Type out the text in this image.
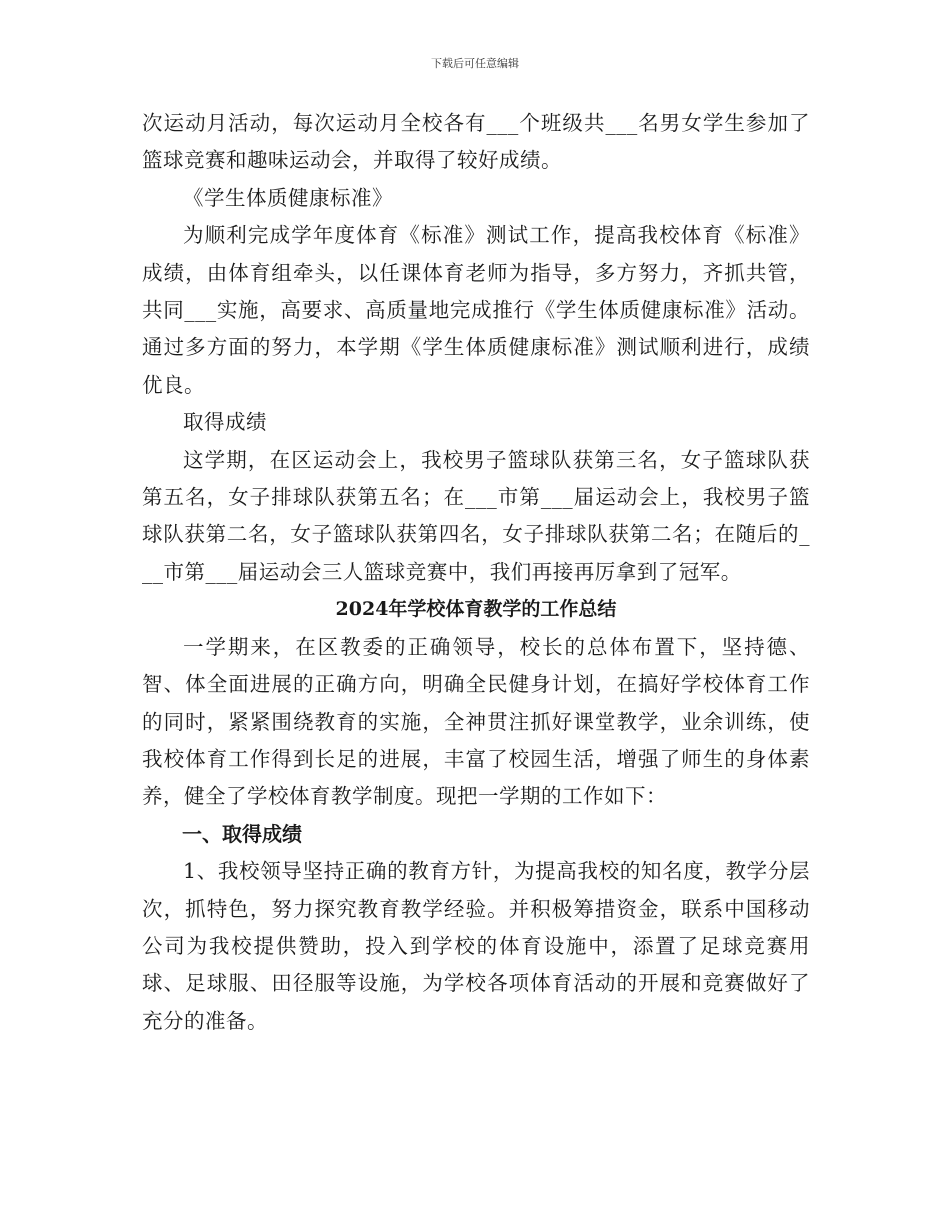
下载后可任意编辑

次运动月活动，每次运动月全校各有___个班级共___名男女学生参加了篮球竞赛和趣味运动会，并取得了较好成绩。

《学生体质健康标准》

为顺利完成学年度体育《标准》测试工作，提高我校体育《标准》成绩，由体育组牵头，以任课体育老师为指导，多方努力，齐抓共管，共同___实施，高要求、高质量地完成推行《学生体质健康标准》活动。通过多方面的努力，本学期《学生体质健康标准》测试顺利进行，成绩优良。

取得成绩

这学期，在区运动会上，我校男子篮球队获第三名，女子篮球队获第五名，女子排球队获第五名；在___市第___届运动会上，我校男子篮球队获第二名，女子篮球队获第四名，女子排球队获第二名；在随后的___市第___届运动会三人篮球竞赛中，我们再接再厉拿到了冠军。

2024年学校体育教学的工作总结

一学期来，在区教委的正确领导，校长的总体布置下，坚持德、智、体全面进展的正确方向，明确全民健身计划，在搞好学校体育工作的同时，紧紧围绕教育的实施，全神贯注抓好课堂教学，业余训练，使我校体育工作得到长足的进展，丰富了校园生活，增强了师生的身体素养，健全了学校体育教学制度。现把一学期的工作如下：

一、取得成绩

1、我校领导坚持正确的教育方针，为提高我校的知名度，教学分层次，抓特色，努力探究教育教学经验。并积极筹措资金，联系中国移动公司为我校提供赞助，投入到学校的体育设施中，添置了足球竞赛用球、足球服、田径服等设施，为学校各项体育活动的开展和竞赛做好了充分的准备。
